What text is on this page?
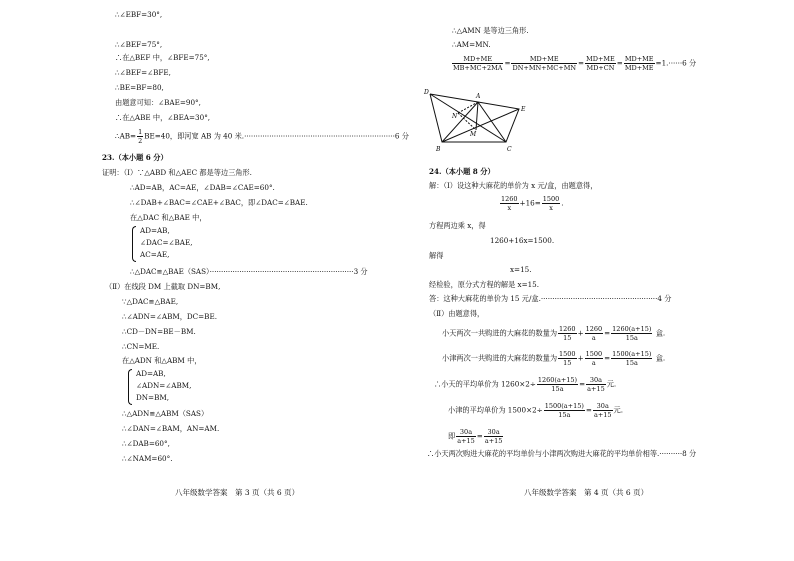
∴∠EBF=30°,
∴∠BEF=75°,
∴在△BEF 中，∠BFE=75°,
∴∠BEF=∠BFE,
∴BE=BF=80,
由题意可知：∠BAE=90°,
∴在△ABE 中，∠BEA=30°,
∴AB= $\frac{1}{2} BE=40$，即河宽 AB 为 40 米.··································································6 分
23.（本小题 6 分）
证明：（Ⅰ）∵△ABD 和△AEC 都是等边三角形.
∴AD=AB，AC=AE，∠DAB=∠CAE=60°.
∴∠DAB+∠BAC=∠CAE+∠BAC，即∠DAC=∠BAE.
在△DAC 和△BAE 中，
AD=AB,
∠DAC=∠BAE,
AC=AE,
∴△DAC≌△BAE（SAS）·······························································3 分
（Ⅱ）在线段 DM 上截取 DN=BM,
∵△DAC≌△BAE,
∴∠ADN=∠ABM，DC=BE.
∴CD－DN=BE－BM.
∴CN=ME.
在△ADN 和△ABM 中，
AD=AB,
∠ADN=∠ABM,
DN=BM,
∴△ADN≌△ABM（SAS）
∴∠DAN=∠BAM，AN=AM.
∴∠DAB=60°,
∴∠NAM=60°.
八年级数学答案　第 3 页（共 6 页）
∴△AMN 是等边三角形.
∴AM=MN.
$\frac{MD+ME}{MB+MC+2MA} = \frac{MD+ME}{DN+MN+MC+MN} = \frac{MD+ME}{MD+CN} = \frac{MD+ME}{MD+ME} =1.\cdot\cdot\cdot\cdot\cdot\cdot 6$ 分
D
A
E
N
M
B	C
24.（本小题 8 分）
解：（Ⅰ）设这种大麻花的单价为 x 元/盒，由题意得，
$\frac{1260}{x} +16= \frac{1500}{x}$ .
方程两边乘 x，得
1260+16x=1500.
解得
x=15.
经检验，原分式方程的解是 x=15.
答：这种大麻花的单价为 15 元/盒.···················································4 分
（Ⅱ）由题意得，
小天两次一共购进的大麻花的数量为 $\frac{1260}{15} + \frac{1260}{a} = \frac{1260(a+15)}{15a}$ 盒.
小津两次一共购进的大麻花的数量为 $\frac{1500}{15} + \frac{1500}{a} = \frac{1500(a+15)}{15a}$ 盒.
∴小天的平均单价为 $1260\times 2\div \frac{1260(a+15)}{15a} = \frac{30a}{a+15}$ 元.
小津的平均单价为 $1500\times 2\div \frac{1500(a+15)}{15a} = \frac{30a}{a+15}$ 元.
即 $\frac{30a}{a+15} = \frac{30a}{a+15}$
∴小天两次购进大麻花的平均单价与小津两次购进大麻花的平均单价相等.··········8 分
八年级数学答案　第 4 页（共 6 页）
